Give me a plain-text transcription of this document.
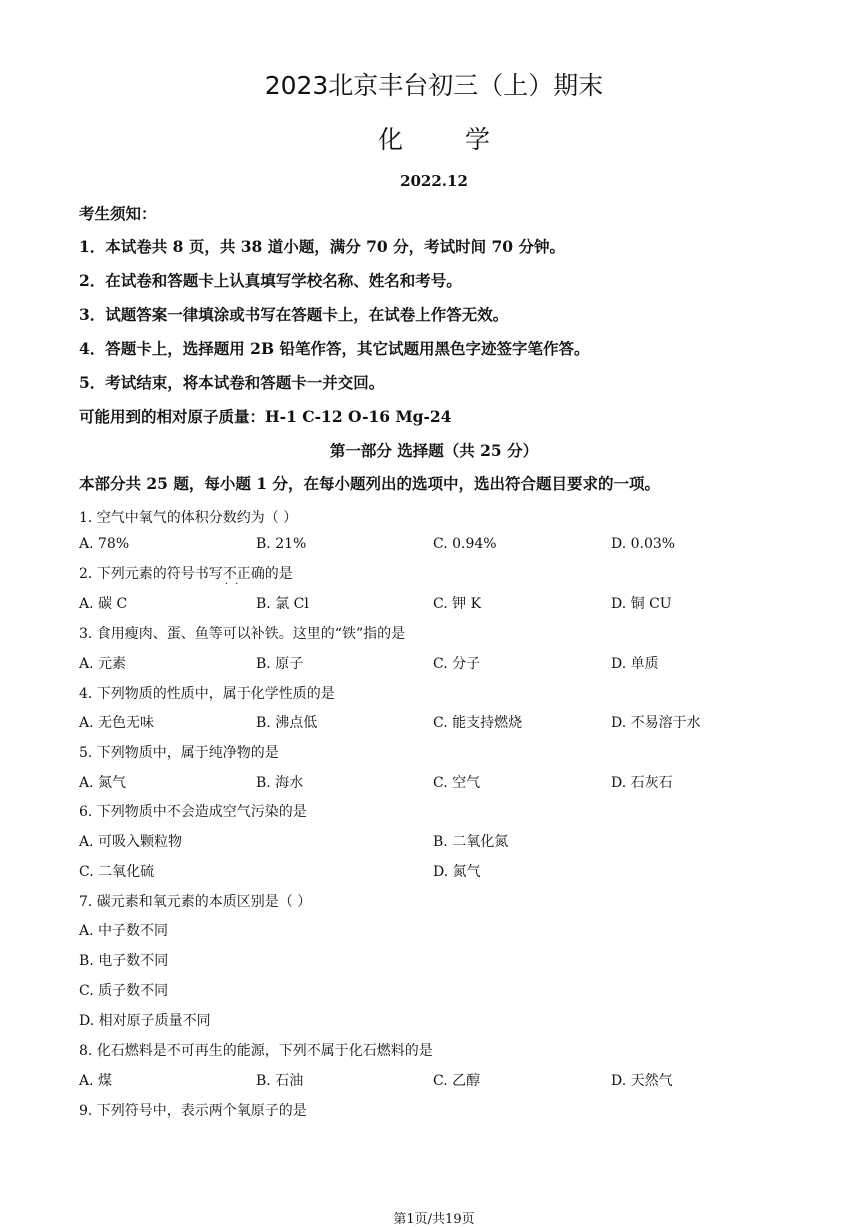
2023北京丰台初三（上）期末
化学
2022.12
考生须知：
1．本试卷共 8 页，共 38 道小题，满分 70 分，考试时间 70 分钟。
2．在试卷和答题卡上认真填写学校名称、姓名和考号。
3．试题答案一律填涂或书写在答题卡上，在试卷上作答无效。
4．答题卡上，选择题用 2B 铅笔作答，其它试题用黑色字迹签字笔作答。
5．考试结束，将本试卷和答题卡一并交回。
可能用到的相对原子质量：H-1 C-12 O-16 Mg-24
第一部分 选择题（共 25 分）
本部分共 25 题，每小题 1 分，在每小题列出的选项中，选出符合题目要求的一项。
1. 空气中氧气的体积分数约为（ ）
A. 78%	B. 21%	C. 0.94%	D. 0.03%
2. 下列元素的符号书写不正 · ·确的是
A. 碳 C	B. 氯 Cl	C. 钾 K	D. 铜 CU
3. 食用瘦肉、蛋、鱼等可以补铁。这里的“铁”指的是
A. 元素	B. 原子	C. 分子	D. 单质
4. 下列物质的性质中，属于化学性质的是
A. 无色无味	B. 沸点低	C. 能支持燃烧	D. 不易溶于水
5. 下列物质中，属于纯净物的是
A. 氮气	B. 海水	C. 空气	D. 石灰石
6. 下列物质中不会造成空气污染的是
A. 可吸入颗粒物	B. 二氧化氮
C. 二氧化硫	D. 氮气
7. 碳元素和氧元素的本质区别是（ ）
A. 中子数不同
B. 电子数不同
C. 质子数不同
D. 相对原子质量不同
8. 化石燃料是不可再生的能源，下列不属于化石燃料的是
A. 煤	B. 石油	C. 乙醇	D. 天然气
9. 下列符号中，表示两个氧原子的是
第1页/共19页
